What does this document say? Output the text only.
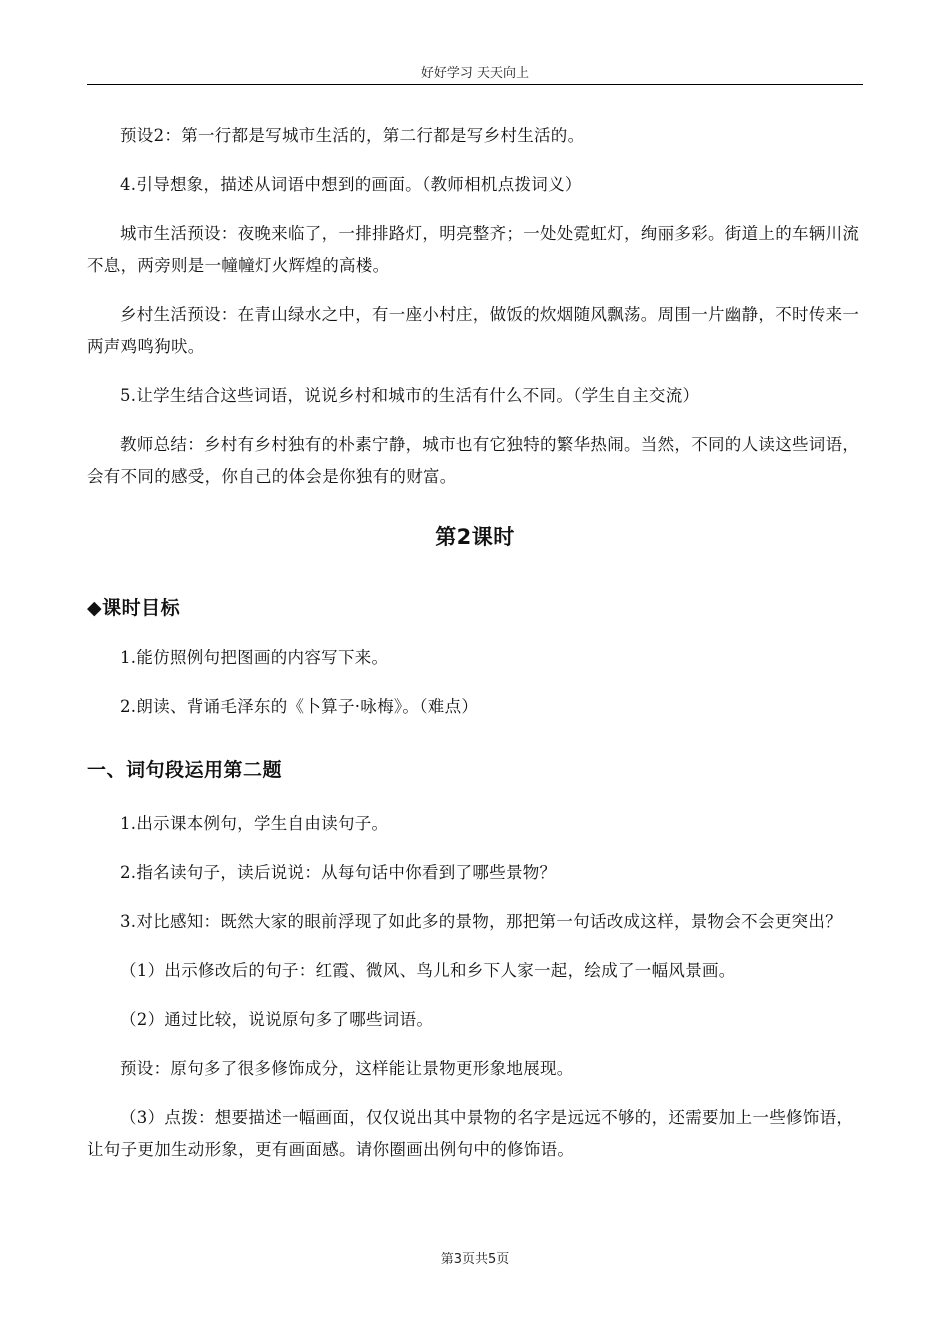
好好学习 天天向上

预设2：第一行都是写城市生活的，第二行都是写乡村生活的。

4.引导想象，描述从词语中想到的画面。（教师相机点拨词义）

城市生活预设：夜晚来临了，一排排路灯，明亮整齐；一处处霓虹灯，绚丽多彩。街道上的车辆川流不息，两旁则是一幢幢灯火辉煌的高楼。

乡村生活预设：在青山绿水之中，有一座小村庄，做饭的炊烟随风飘荡。周围一片幽静，不时传来一两声鸡鸣狗吠。

5.让学生结合这些词语，说说乡村和城市的生活有什么不同。（学生自主交流）

教师总结：乡村有乡村独有的朴素宁静，城市也有它独特的繁华热闹。当然，不同的人读这些词语，会有不同的感受，你自己的体会是你独有的财富。

第2课时
◆课时目标

1.能仿照例句把图画的内容写下来。

2.朗读、背诵毛泽东的《卜算子·咏梅》。（难点）

一、词句段运用第二题

1.出示课本例句，学生自由读句子。

2.指名读句子，读后说说：从每句话中你看到了哪些景物？

3.对比感知：既然大家的眼前浮现了如此多的景物，那把第一句话改成这样，景物会不会更突出？

（1）出示修改后的句子：红霞、微风、鸟儿和乡下人家一起，绘成了一幅风景画。

（2）通过比较，说说原句多了哪些词语。

预设：原句多了很多修饰成分，这样能让景物更形象地展现。

（3）点拨：想要描述一幅画面，仅仅说出其中景物的名字是远远不够的，还需要加上一些修饰语，让句子更加生动形象，更有画面感。请你圈画出例句中的修饰语。

第3页共5页
